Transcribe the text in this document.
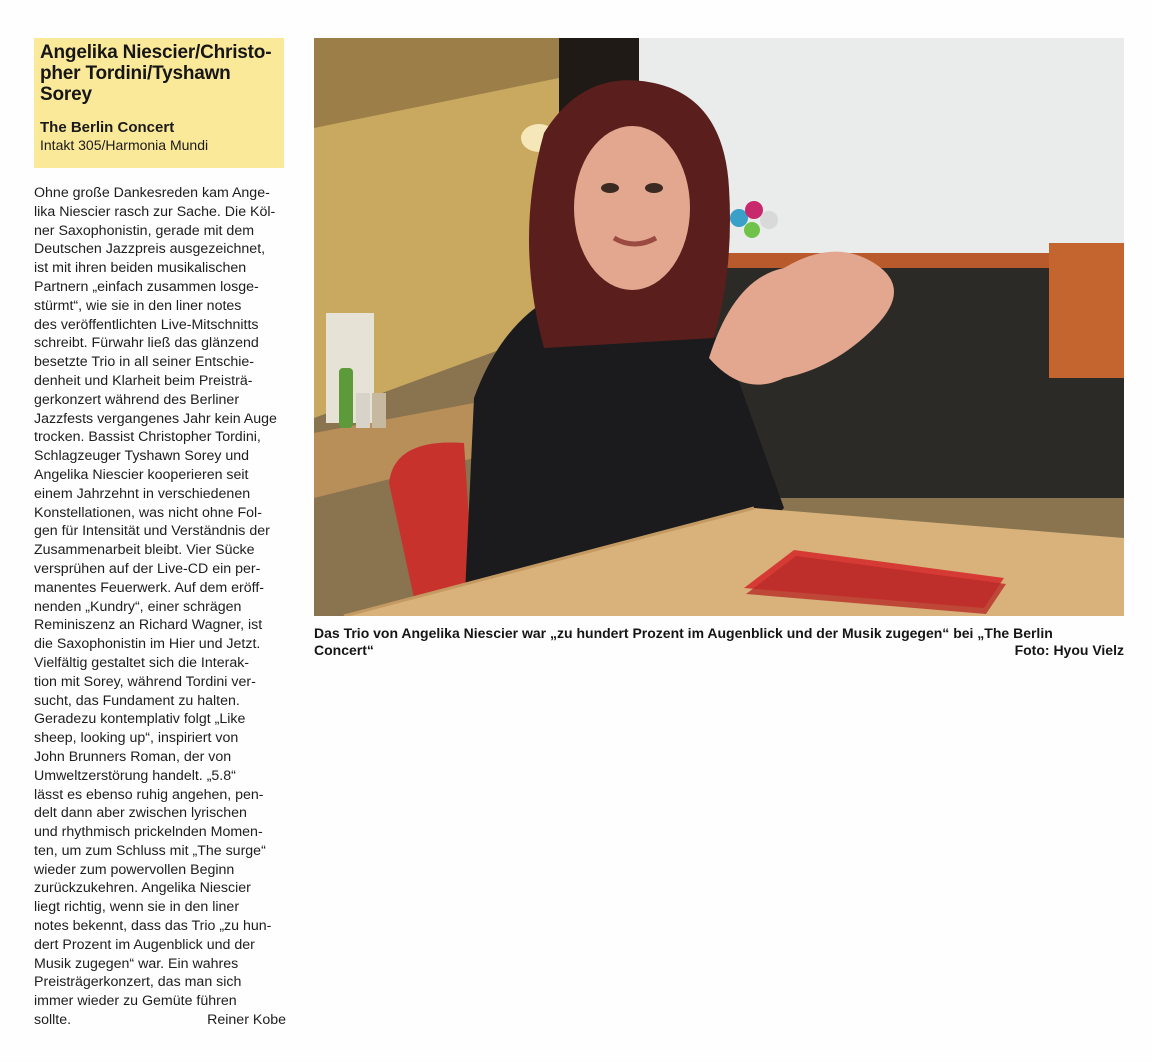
Angelika Niescier/Christo-
pher Tordini/Tyshawn
Sorey

The Berlin Concert

Intakt 305/Harmonia Mundi

Ohne große Dankesreden kam Ange-
lika Niescier rasch zur Sache. Die Köl-
ner Saxophonistin, gerade mit dem
Deutschen Jazzpreis ausgezeichnet,
ist mit ihren beiden musikalischen
Partnern „einfach zusammen losge-
stürmt“, wie sie in den liner notes
des veröffentlichten Live-Mitschnitts
schreibt. Fürwahr ließ das glänzend
besetzte Trio in all seiner Entschie-
denheit und Klarheit beim Preisträ-
gerkonzert während des Berliner
Jazzfests vergangenes Jahr kein Auge
trocken. Bassist Christopher Tordini,
Schlagzeuger Tyshawn Sorey und
Angelika Niescier kooperieren seit
einem Jahrzehnt in verschiedenen
Konstellationen, was nicht ohne Fol-
gen für Intensität und Verständnis der
Zusammenarbeit bleibt. Vier Sücke
versprühen auf der Live-CD ein per-
manentes Feuerwerk. Auf dem eröff-
nenden „Kundry“, einer schrägen
Reminiszenz an Richard Wagner, ist
die Saxophonistin im Hier und Jetzt.
Vielfältig gestaltet sich die Interak-
tion mit Sorey, während Tordini ver-
sucht, das Fundament zu halten.
Geradezu kontemplativ folgt „Like
sheep, looking up“, inspiriert von
John Brunners Roman, der von
Umweltzerstörung handelt. „5.8“
lässt es ebenso ruhig angehen, pen-
delt dann aber zwischen lyrischen
und rhythmisch prickelnden Momen-
ten, um zum Schluss mit „The surge“
wieder zum powervollen Beginn
zurückzukehren. Angelika Niescier
liegt richtig, wenn sie in den liner
notes bekennt, dass das Trio „zu hun-
dert Prozent im Augenblick und der
Musik zugegen“ war. Ein wahres
Preisträgerkonzert, das man sich
immer wieder zu Gemüte führen
sollte.	Reiner Kobe
Das Trio von Angelika Niescier war „zu hundert Prozent im Augenblick und der Musik zugegen“ bei „The Berlin
Concert“	Foto: Hyou Vielz
